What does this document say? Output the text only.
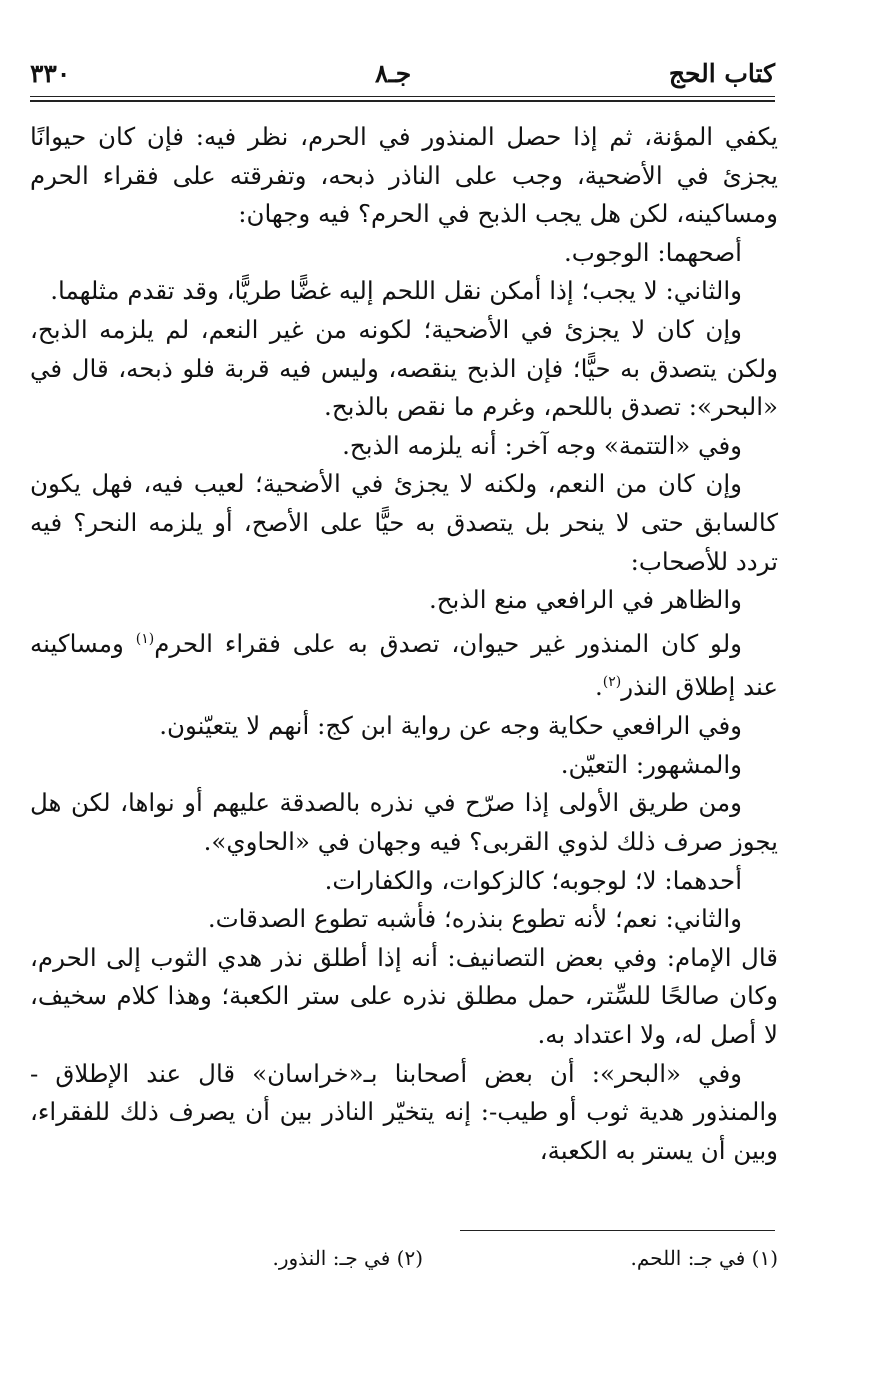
٣٣٠	جـ٨	كتاب الحج

يكفي المؤنة، ثم إذا حصل المنذور في الحرم، نظر فيه: فإن كان حيوانًا يجزئ في الأضحية، وجب على الناذر ذبحه، وتفرقته على فقراء الحرم ومساكينه، لكن هل يجب الذبح في الحرم؟ فيه وجهان:

أصحهما: الوجوب.

والثاني: لا يجب؛ إذا أمكن نقل اللحم إليه غضًّا طريًّا، وقد تقدم مثلهما.

وإن كان لا يجزئ في الأضحية؛ لكونه من غير النعم، لم يلزمه الذبح، ولكن يتصدق به حيًّا؛ فإن الذبح ينقصه، وليس فيه قربة فلو ذبحه، قال في «البحر»: تصدق باللحم، وغرم ما نقص بالذبح.

وفي «التتمة» وجه آخر: أنه يلزمه الذبح.

وإن كان من النعم، ولكنه لا يجزئ في الأضحية؛ لعيب فيه، فهل يكون كالسابق حتى لا ينحر بل يتصدق به حيًّا على الأصح، أو يلزمه النحر؟ فيه تردد للأصحاب:

والظاهر في الرافعي منع الذبح.

ولو كان المنذور غير حيوان، تصدق به على فقراء الحرم$^{(١)}$ ومساكينه عند إطلاق النذر$^{(٢)}$.

وفي الرافعي حكاية وجه عن رواية ابن كج: أنهم لا يتعيّنون.

والمشهور: التعيّن.

ومن طريق الأولى إذا صرّح في نذره بالصدقة عليهم أو نواها، لكن هل يجوز صرف ذلك لذوي القربى؟ فيه وجهان في «الحاوي».

أحدهما: لا؛ لوجوبه؛ كالزكوات، والكفارات.

والثاني: نعم؛ لأنه تطوع بنذره؛ فأشبه تطوع الصدقات.

قال الإمام: وفي بعض التصانيف: أنه إذا أطلق نذر هدي الثوب إلى الحرم، وكان صالحًا للسِّتر، حمل مطلق نذره على ستر الكعبة؛ وهذا كلام سخيف، لا أصل له، ولا اعتداد به.

وفي «البحر»: أن بعض أصحابنا بـ«خراسان» قال عند الإطلاق - والمنذور هدية ثوب أو طيب-: إنه يتخيّر الناذر بين أن يصرف ذلك للفقراء، وبين أن يستر به الكعبة،

(١) في جـ: اللحم.
(٢) في جـ: النذور.
